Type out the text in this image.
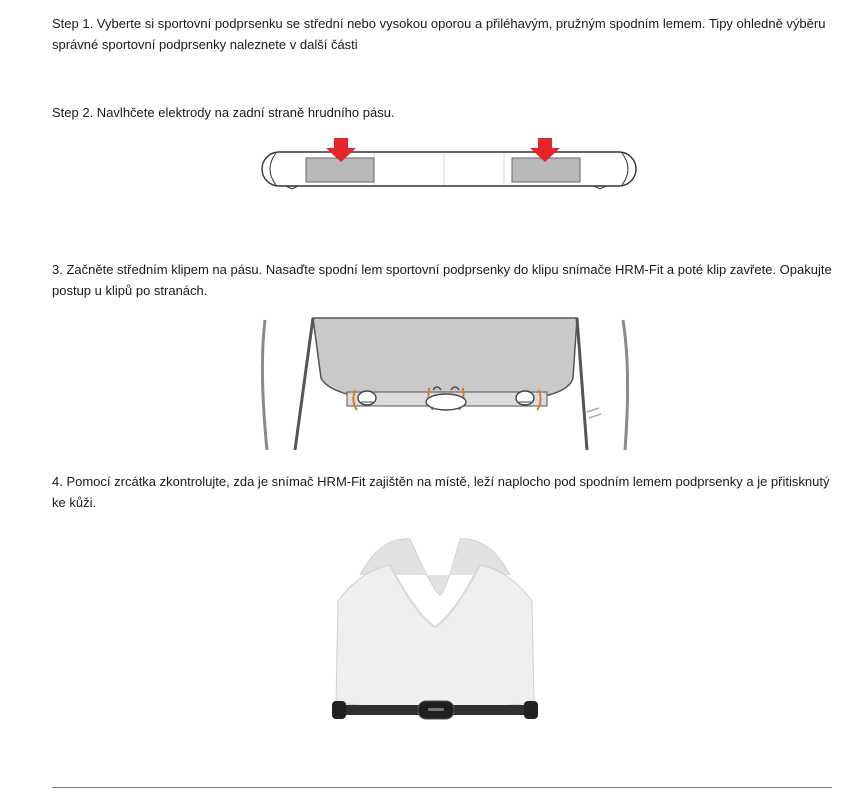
Step 1. Vyberte si sportovní podprsenku se střední nebo vysokou oporou a přiléhavým, pružným spodním lemem. Tipy ohledně výběru správné sportovní podprsenky naleznete v další části

Step 2. Navlhčete elektrody na zadní straně hrudního pásu.

3. Začněte středním klipem na pásu. Nasaďte spodní lem sportovní podprsenky do klipu snímače HRM-Fit a poté klip zavřete. Opakujte postup u klipů po stranách.

4. Pomocí zrcátka zkontrolujte, zda je snímač HRM-Fit zajištěn na místě, leží naplocho pod spodním lemem podprsenky a je přitisknutý ke kůži.
